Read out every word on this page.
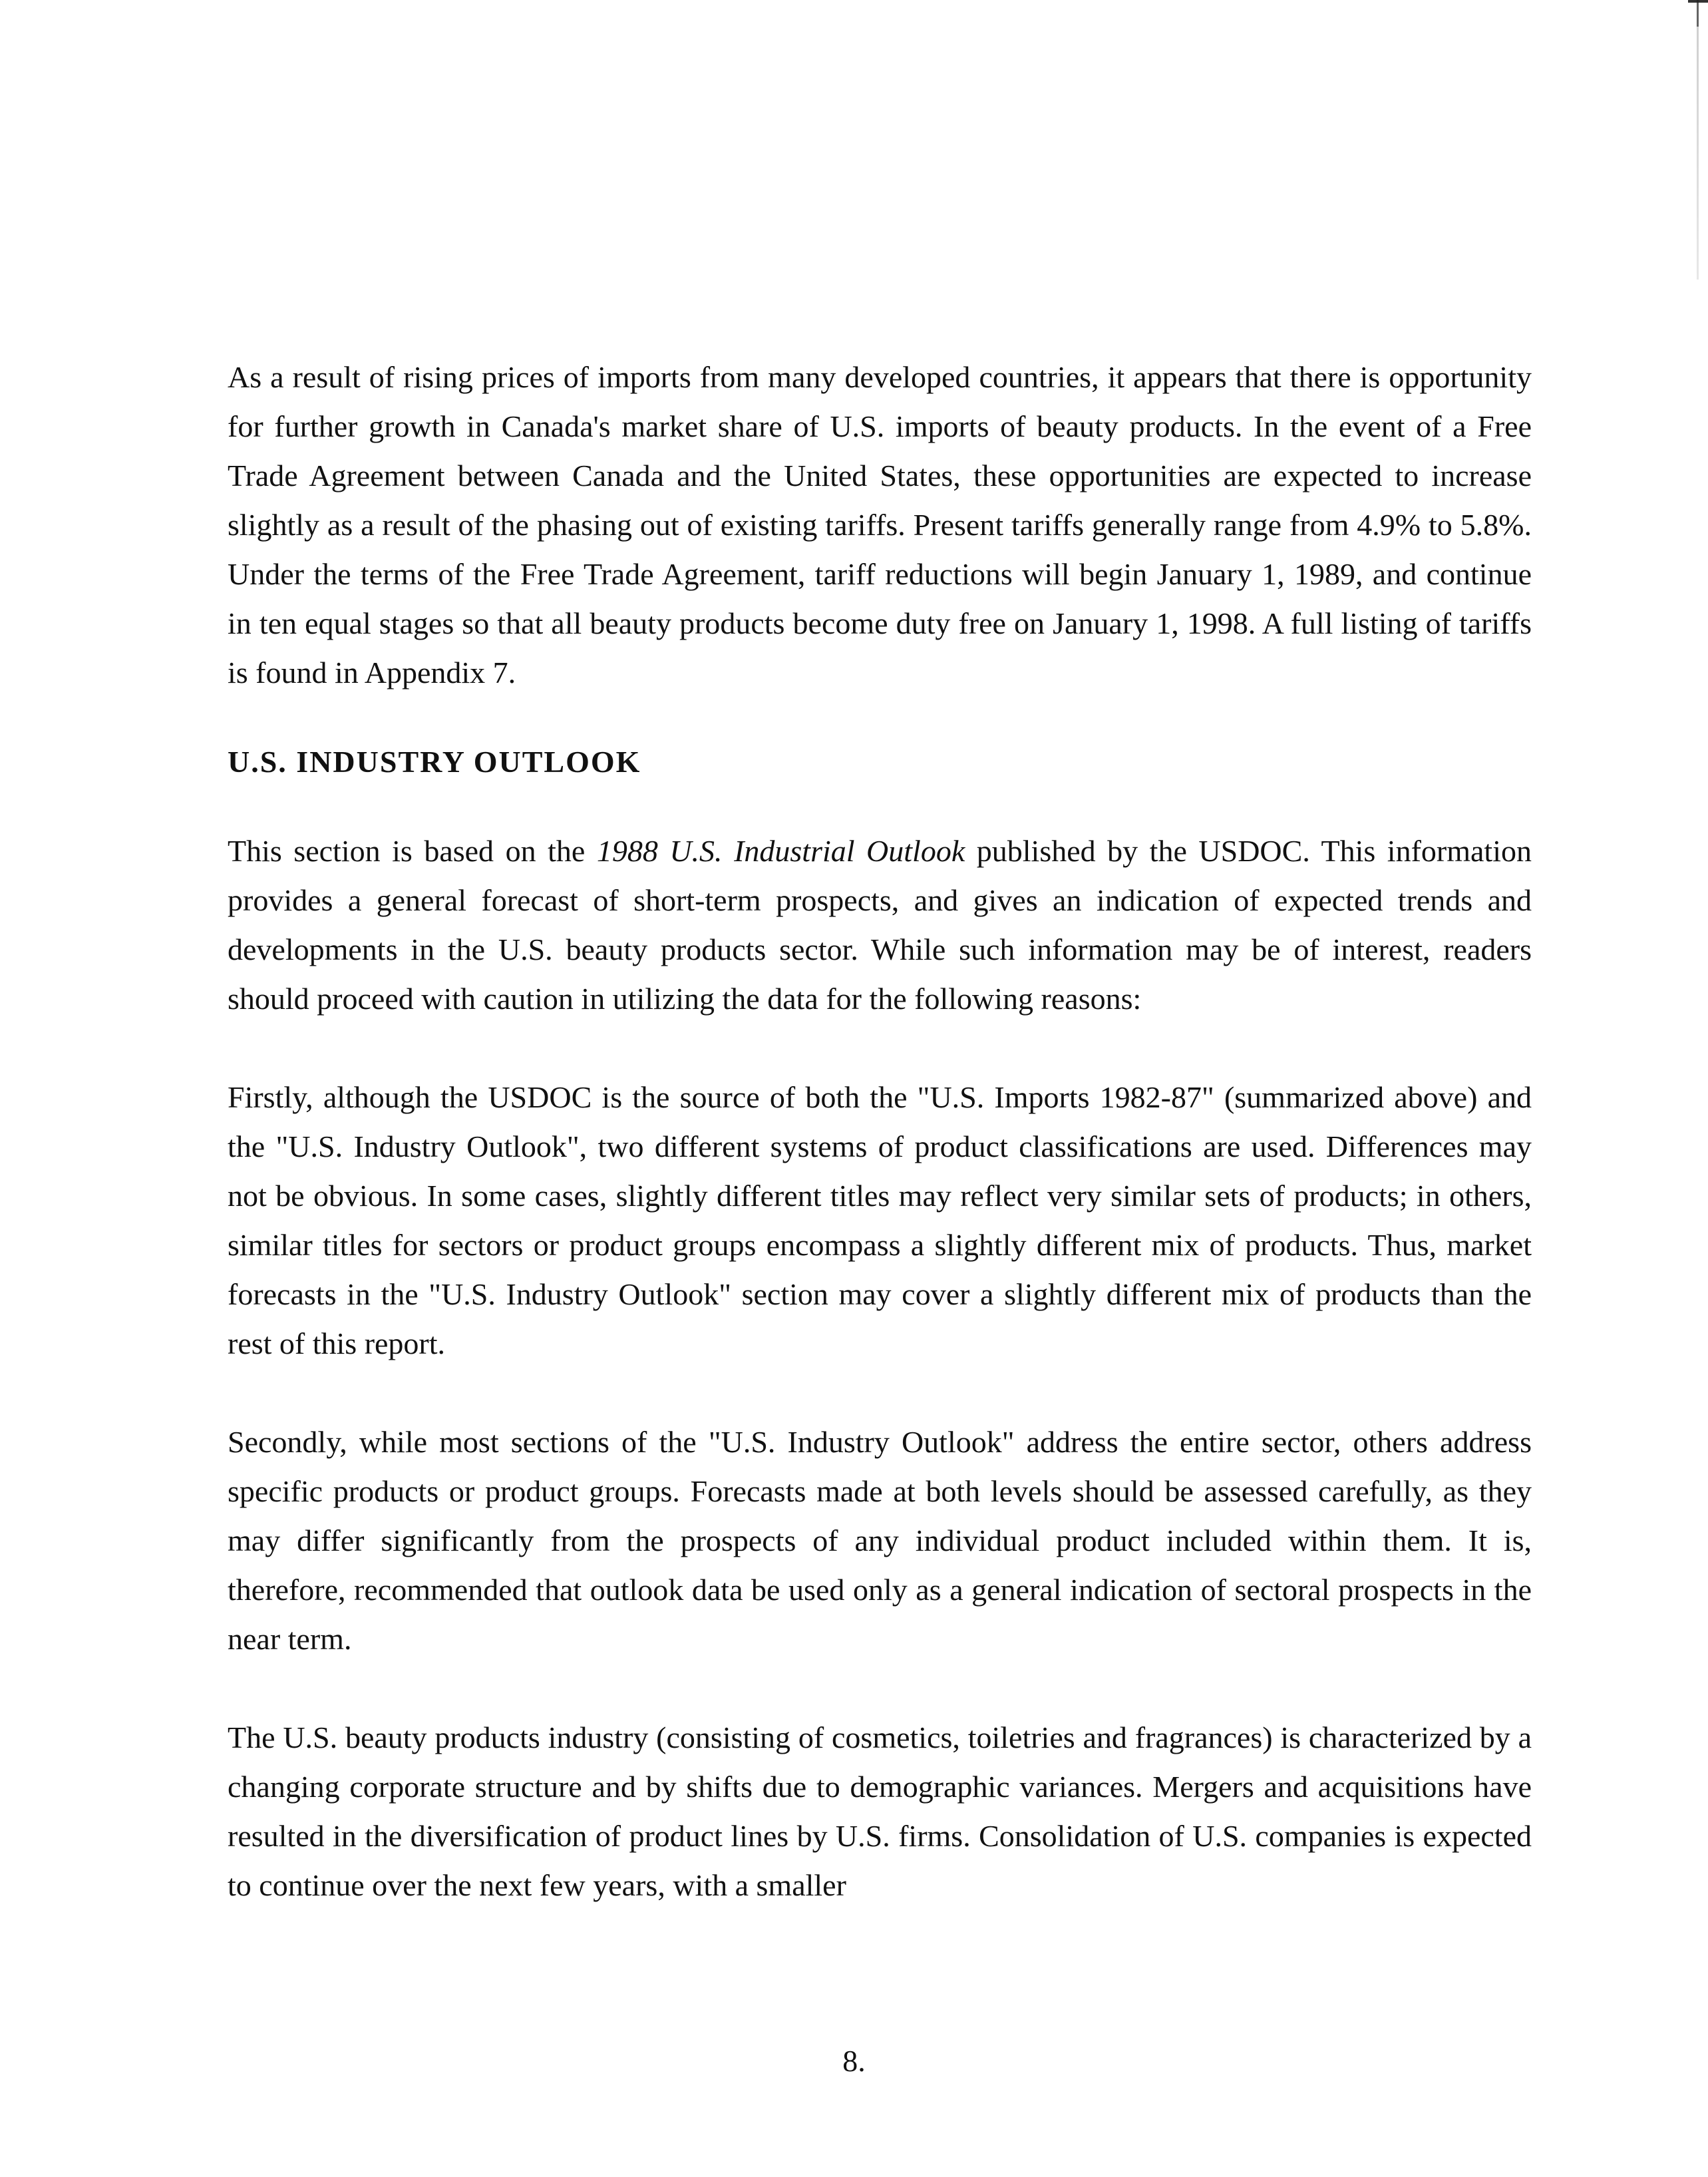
As a result of rising prices of imports from many developed countries, it appears that there is opportunity for further growth in Canada's market share of U.S. imports of beauty products. In the event of a Free Trade Agreement between Canada and the United States, these opportunities are expected to increase slightly as a result of the phasing out of existing tariffs. Present tariffs generally range from 4.9% to 5.8%. Under the terms of the Free Trade Agreement, tariff reductions will begin January 1, 1989, and continue in ten equal stages so that all beauty products become duty free on January 1, 1998. A full listing of tariffs is found in Appendix 7.

U.S. INDUSTRY OUTLOOK

This section is based on the 1988 U.S. Industrial Outlook published by the USDOC. This information provides a general forecast of short-term prospects, and gives an indication of expected trends and developments in the U.S. beauty products sector. While such information may be of interest, readers should proceed with caution in utilizing the data for the following reasons:

Firstly, although the USDOC is the source of both the "U.S. Imports 1982-87" (summarized above) and the "U.S. Industry Outlook", two different systems of product classifications are used. Differences may not be obvious. In some cases, slightly different titles may reflect very similar sets of products; in others, similar titles for sectors or product groups encompass a slightly different mix of products. Thus, market forecasts in the "U.S. Industry Outlook" section may cover a slightly different mix of products than the rest of this report.

Secondly, while most sections of the "U.S. Industry Outlook" address the entire sector, others address specific products or product groups. Forecasts made at both levels should be assessed carefully, as they may differ significantly from the prospects of any individual product included within them. It is, therefore, recommended that outlook data be used only as a general indication of sectoral prospects in the near term.

The U.S. beauty products industry (consisting of cosmetics, toiletries and fragrances) is characterized by a changing corporate structure and by shifts due to demographic variances. Mergers and acquisitions have resulted in the diversification of product lines by U.S. firms. Consolidation of U.S. companies is expected to continue over the next few years, with a smaller

8.
